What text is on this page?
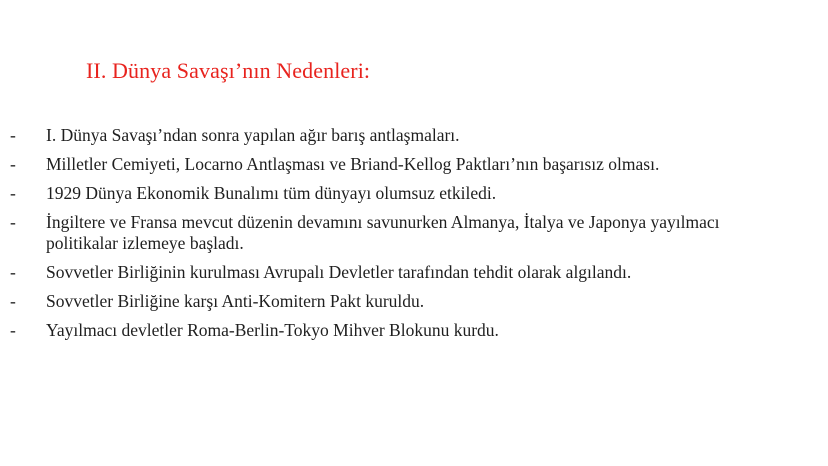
II. Dünya Savaşı’nın Nedenleri:
-	I. Dünya Savaşı’ndan sonra yapılan ağır barış antlaşmaları.
-	Milletler Cemiyeti, Locarno Antlaşması ve Briand-Kellog Paktları’nın başarısız olması.
-	1929 Dünya Ekonomik Bunalımı tüm dünyayı olumsuz etkiledi.
-	İngiltere ve Fransa mevcut düzenin devamını savunurken Almanya, İtalya ve Japonya yayılmacı politikalar izlemeye başladı.
-	Sovvetler Birliğinin kurulması Avrupalı Devletler tarafından tehdit olarak algılandı.
-	Sovvetler Birliğine karşı Anti-Komitern Pakt kuruldu.
-	Yayılmacı devletler Roma-Berlin-Tokyo Mihver Blokunu kurdu.
